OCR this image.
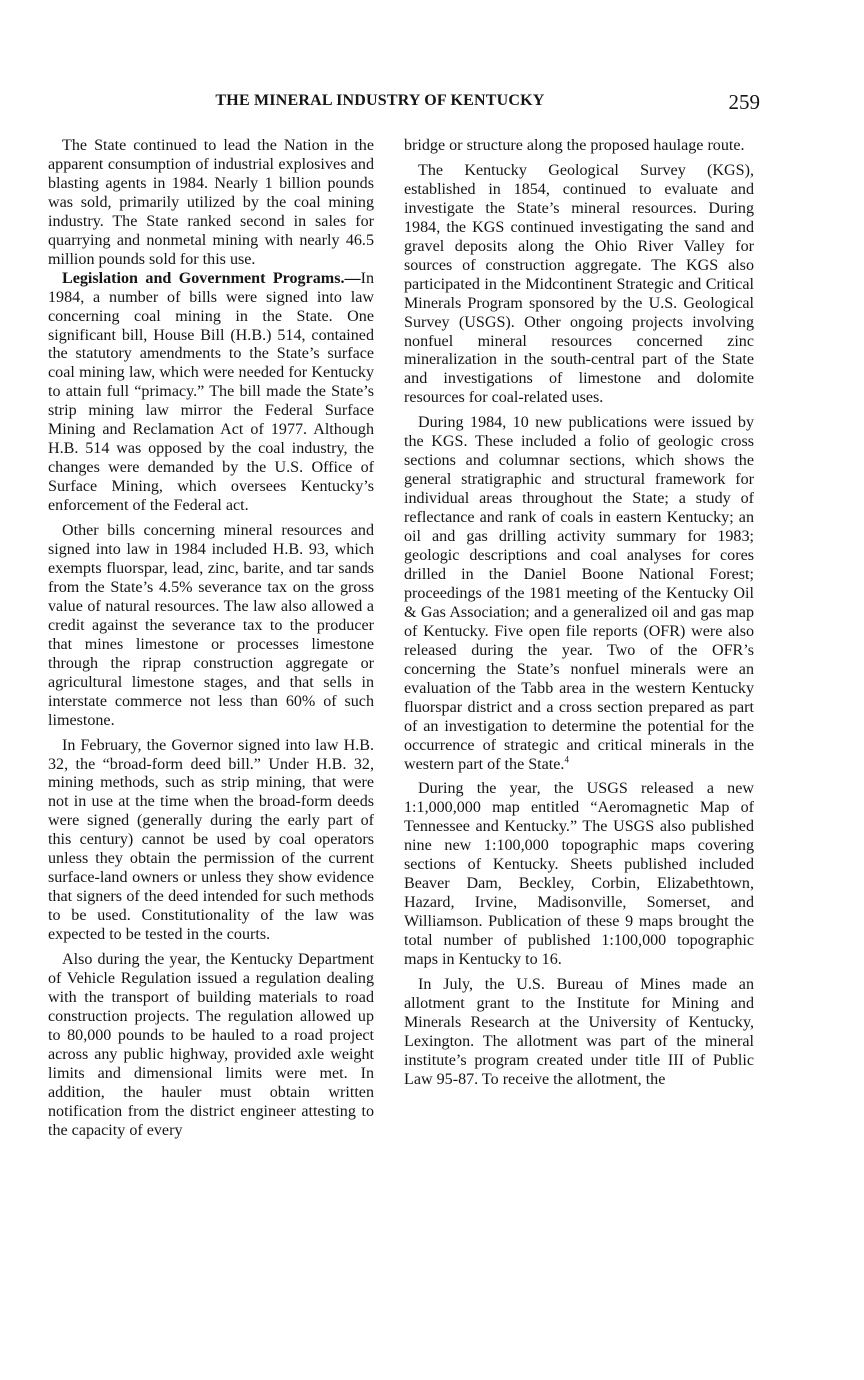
THE MINERAL INDUSTRY OF KENTUCKY	259

The State continued to lead the Nation in the apparent consumption of industrial explosives and blasting agents in 1984. Nearly 1 billion pounds was sold, primarily utilized by the coal mining industry. The State ranked second in sales for quarrying and nonmetal mining with nearly 46.5 million pounds sold for this use.

Legislation and Government Programs.—In 1984, a number of bills were signed into law concerning coal mining in the State. One significant bill, House Bill (H.B.) 514, contained the statutory amendments to the State’s surface coal mining law, which were needed for Kentucky to attain full “primacy.” The bill made the State’s strip mining law mirror the Federal Surface Mining and Reclamation Act of 1977. Although H.B. 514 was opposed by the coal industry, the changes were demanded by the U.S. Office of Surface Mining, which oversees Kentucky’s enforcement of the Federal act.

Other bills concerning mineral resources and signed into law in 1984 included H.B. 93, which exempts fluorspar, lead, zinc, barite, and tar sands from the State’s 4.5% severance tax on the gross value of natural resources. The law also allowed a credit against the severance tax to the producer that mines limestone or processes limestone through the riprap construction aggregate or agricultural limestone stages, and that sells in interstate commerce not less than 60% of such limestone.

In February, the Governor signed into law H.B. 32, the “broad-form deed bill.” Under H.B. 32, mining methods, such as strip mining, that were not in use at the time when the broad-form deeds were signed (generally during the early part of this century) cannot be used by coal operators unless they obtain the permission of the current surface-land owners or unless they show evidence that signers of the deed intended for such methods to be used. Constitutionality of the law was expected to be tested in the courts.

Also during the year, the Kentucky Department of Vehicle Regulation issued a regulation dealing with the transport of building materials to road construction projects. The regulation allowed up to 80,000 pounds to be hauled to a road project across any public highway, provided axle weight limits and dimensional limits were met. In addition, the hauler must obtain written notification from the district engineer attesting to the capacity of every

bridge or structure along the proposed haulage route.

The Kentucky Geological Survey (KGS), established in 1854, continued to evaluate and investigate the State’s mineral resources. During 1984, the KGS continued investigating the sand and gravel deposits along the Ohio River Valley for sources of construction aggregate. The KGS also participated in the Midcontinent Strategic and Critical Minerals Program sponsored by the U.S. Geological Survey (USGS). Other ongoing projects involving nonfuel mineral resources concerned zinc mineralization in the south-central part of the State and investigations of limestone and dolomite resources for coal-related uses.

During 1984, 10 new publications were issued by the KGS. These included a folio of geologic cross sections and columnar sections, which shows the general stratigraphic and structural framework for individual areas throughout the State; a study of reflectance and rank of coals in eastern Kentucky; an oil and gas drilling activity summary for 1983; geologic descriptions and coal analyses for cores drilled in the Daniel Boone National Forest; proceedings of the 1981 meeting of the Kentucky Oil & Gas Association; and a generalized oil and gas map of Kentucky. Five open file reports (OFR) were also released during the year. Two of the OFR’s concerning the State’s nonfuel minerals were an evaluation of the Tabb area in the western Kentucky fluorspar district and a cross section prepared as part of an investigation to determine the potential for the occurrence of strategic and critical minerals in the western part of the State.$^4$

During the year, the USGS released a new 1:1,000,000 map entitled “Aeromagnetic Map of Tennessee and Kentucky.” The USGS also published nine new 1:100,000 topographic maps covering sections of Kentucky. Sheets published included Beaver Dam, Beckley, Corbin, Elizabethtown, Hazard, Irvine, Madisonville, Somerset, and Williamson. Publication of these 9 maps brought the total number of published 1:100,000 topographic maps in Kentucky to 16.

In July, the U.S. Bureau of Mines made an allotment grant to the Institute for Mining and Minerals Research at the University of Kentucky, Lexington. The allotment was part of the mineral institute’s program created under title III of Public Law 95-87. To receive the allotment, the
